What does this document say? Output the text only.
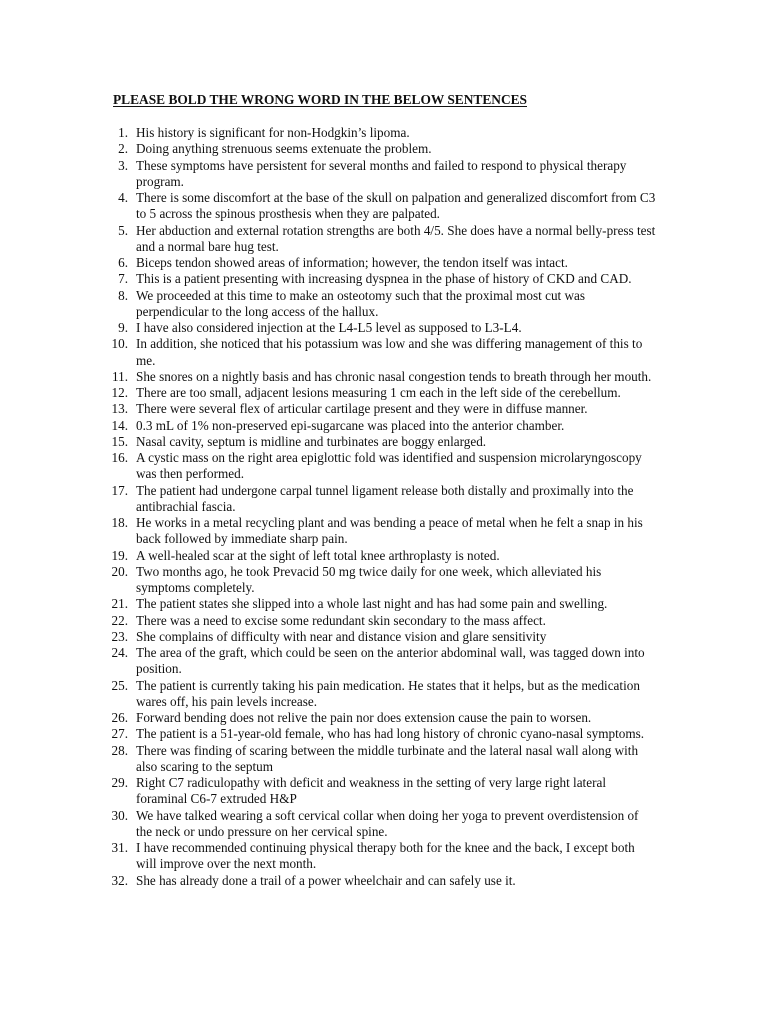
PLEASE BOLD THE WRONG WORD IN THE BELOW SENTENCES
1. His history is significant for non-Hodgkin’s lipoma.
2. Doing anything strenuous seems extenuate the problem.
3. These symptoms have persistent for several months and failed to respond to physical therapy program.
4. There is some discomfort at the base of the skull on palpation and generalized discomfort from C3 to 5 across the spinous prosthesis when they are palpated.
5. Her abduction and external rotation strengths are both 4/5. She does have a normal belly-press test and a normal bare hug test.
6. Biceps tendon showed areas of information; however, the tendon itself was intact.
7. This is a patient presenting with increasing dyspnea in the phase of history of CKD and CAD.
8. We proceeded at this time to make an osteotomy such that the proximal most cut was perpendicular to the long access of the hallux.
9. I have also considered injection at the L4-L5 level as supposed to L3-L4.
10. In addition, she noticed that his potassium was low and she was differing management of this to me.
11. She snores on a nightly basis and has chronic nasal congestion tends to breath through her mouth.
12. There are too small, adjacent lesions measuring 1 cm each in the left side of the cerebellum.
13. There were several flex of articular cartilage present and they were in diffuse manner.
14. 0.3 mL of 1% non-preserved epi-sugarcane was placed into the anterior chamber.
15. Nasal cavity, septum is midline and turbinates are boggy enlarged.
16. A cystic mass on the right area epiglottic fold was identified and suspension microlaryngoscopy was then performed.
17. The patient had undergone carpal tunnel ligament release both distally and proximally into the antibrachial fascia.
18. He works in a metal recycling plant and was bending a peace of metal when he felt a snap in his back followed by immediate sharp pain.
19. A well-healed scar at the sight of left total knee arthroplasty is noted.
20. Two months ago, he took Prevacid 50 mg twice daily for one week, which alleviated his symptoms completely.
21. The patient states she slipped into a whole last night and has had some pain and swelling.
22. There was a need to excise some redundant skin secondary to the mass affect.
23. She complains of difficulty with near and distance vision and glare sensitivity
24. The area of the graft, which could be seen on the anterior abdominal wall, was tagged down into position.
25. The patient is currently taking his pain medication. He states that it helps, but as the medication wares off, his pain levels increase.
26. Forward bending does not relive the pain nor does extension cause the pain to worsen.
27. The patient is a 51-year-old female, who has had long history of chronic cyano-nasal symptoms.
28. There was finding of scaring between the middle turbinate and the lateral nasal wall along with also scaring to the septum
29. Right C7 radiculopathy with deficit and weakness in the setting of very large right lateral foraminal C6-7 extruded H&P
30. We have talked wearing a soft cervical collar when doing her yoga to prevent overdistension of the neck or undo pressure on her cervical spine.
31. I have recommended continuing physical therapy both for the knee and the back, I except both will improve over the next month.
32. She has already done a trail of a power wheelchair and can safely use it.
